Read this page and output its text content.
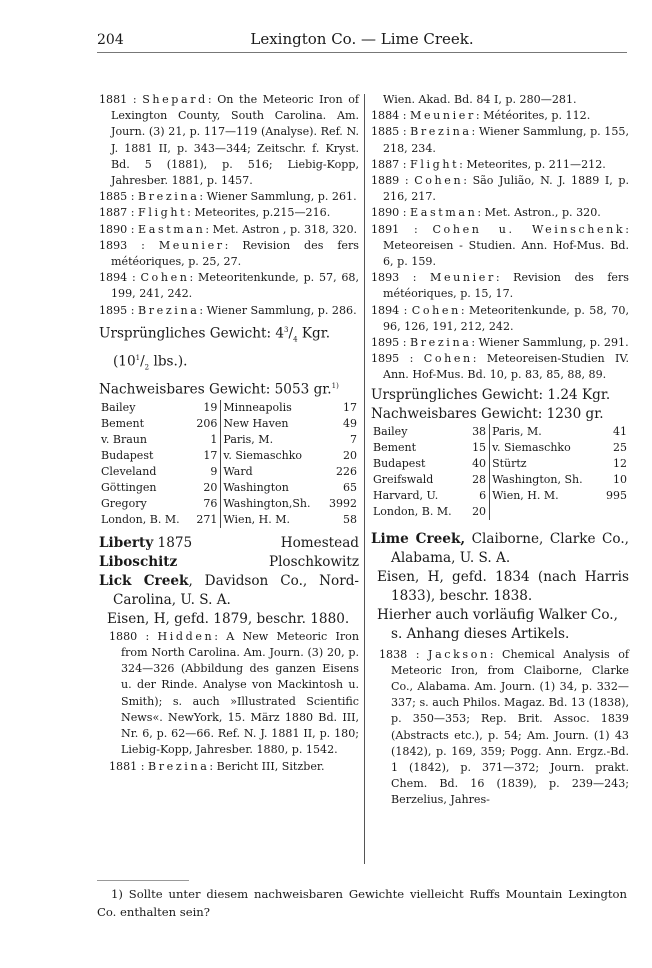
204	Lexington Co. — Lime Creek.

1881 : Shepard: On the Meteoric Iron of Lexington County, South Carolina. Am. Journ. (3) 21, p. 117—119 (Analyse). Ref. N. J. 1881 II, p. 343—344; Zeitschr. f. Kryst. Bd. 5 (1881), p. 516; Liebig-Kopp, Jahresber. 1881, p. 1457.

1885 : Brezina: Wiener Sammlung, p. 261.

1887 : Flight: Meteorites, p.215—216.

1890 : Eastman: Met. Astron , p. 318, 320.

1893 : Meunier: Revision des fers météoriques, p. 25, 27.

1894 : Cohen: Meteoritenkunde, p. 57, 68, 199, 241, 242.

1895 : Brezina: Wiener Sammlung, p. 286.

Ursprüngliches Gewicht: $4^3/_4$ Kgr. ($10^1/_2$ lbs.).

Nachweisbares Gewicht: 5053 gr.$^{1)}$

Bailey	19	Minneapolis	17
Bement	206	New Haven	49
v. Braun	1	Paris, M.	7
Budapest	17	v. Siemaschko	20
Cleveland	9	Ward	226
Göttingen	20	Washington	65
Gregory	76	Washington,Sh.	3992
London, B. M.	271	Wien, H. M.	58
Liberty 1875	Homestead
Liboschitz	Ploschkowitz

Lick Creek, Davidson Co., Nord-Carolina, U. S. A.

Eisen, H, gefd. 1879, beschr. 1880.

1880 : Hidden: A New Meteoric Iron from North Carolina. Am. Journ. (3) 20, p. 324—326 (Abbildung des ganzen Eisens u. der Rinde. Analyse von Mackintosh u. Smith); s. auch »Illustrated Scientific News«. NewYork, 15. März 1880 Bd. III, Nr. 6, p. 62—66. Ref. N. J. 1881 II, p. 180; Liebig-Kopp, Jahresber. 1880, p. 1542.

1881 : Brezina: Bericht III, Sitzber.

Wien. Akad. Bd. 84 I, p. 280—281.

1884 : Meunier: Météorites, p. 112.

1885 : Brezina: Wiener Sammlung, p. 155, 218, 234.

1887 : Flight: Meteorites, p. 211—212.

1889 : Cohen: São Julião, N. J. 1889 I, p. 216, 217.

1890 : Eastman: Met. Astron., p. 320.

1891 : Cohen u. Weinschenk: Meteoreisen - Studien. Ann. Hof-Mus. Bd. 6, p. 159.

1893 : Meunier: Revision des fers météoriques, p. 15, 17.

1894 : Cohen: Meteoritenkunde, p. 58, 70, 96, 126, 191, 212, 242.

1895 : Brezina: Wiener Sammlung, p. 291.

1895 : Cohen: Meteoreisen-Studien IV. Ann. Hof-Mus. Bd. 10, p. 83, 85, 88, 89.

Ursprüngliches Gewicht: 1.24 Kgr.

Nachweisbares Gewicht: 1230 gr.

Bailey	38	Paris, M.	41
Bement	15	v. Siemaschko	25
Budapest	40	Stürtz	12
Greifswald	28	Washington, Sh.	10
Harvard, U.	6	Wien, H. M.	995
London, B. M.	20		

Lime Creek, Claiborne, Clarke Co., Alabama, U. S. A.

Eisen, H, gefd. 1834 (nach Harris 1833), beschr. 1838.

Hierher auch vorläufig Walker Co., s. Anhang dieses Artikels.

1838 : Jackson: Chemical Analysis of Meteoric Iron, from Claiborne, Clarke Co., Alabama. Am. Journ. (1) 34, p. 332—337; s. auch Philos. Magaz. Bd. 13 (1838), p. 350—353; Rep. Brit. Assoc. 1839 (Abstracts etc.), p. 54; Am. Journ. (1) 43 (1842), p. 169, 359; Pogg. Ann. Ergz.-Bd. 1 (1842), p. 371—372; Journ. prakt. Chem. Bd. 16 (1839), p. 239—243; Berzelius, Jahres-

1) Sollte unter diesem nachweisbaren Gewichte vielleicht Ruffs Mountain Lexington Co. enthalten sein?
